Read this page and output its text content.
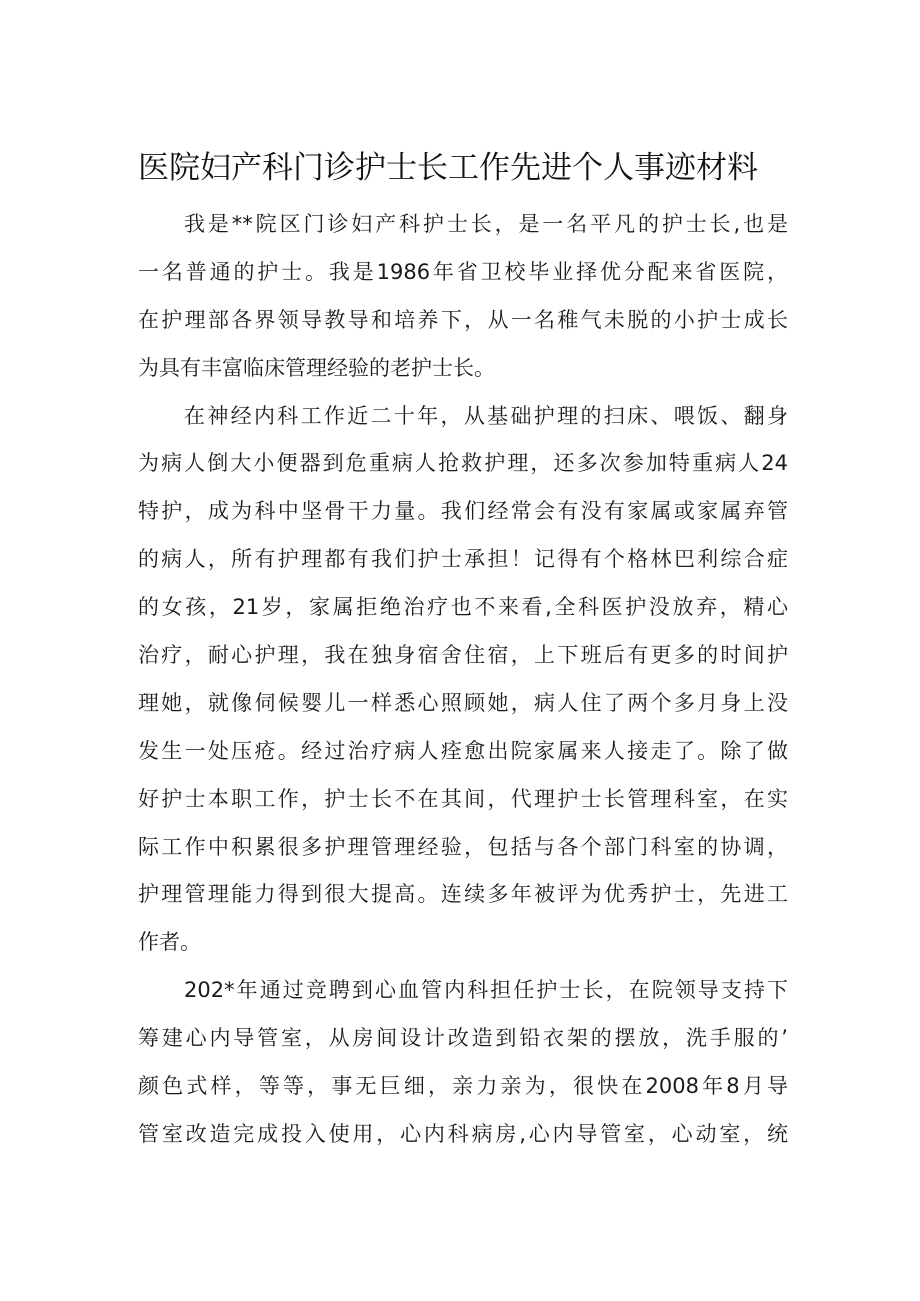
医院妇产科门诊护士长工作先进个人事迹材料
我是**院区门诊妇产科护士长，是一名平凡的护士长,也是
一名普通的护士。我是1986年省卫校毕业择优分配来省医院，
在护理部各界领导教导和培养下，从一名稚气未脱的小护士成长
为具有丰富临床管理经验的老护士长。
在神经内科工作近二十年，从基础护理的扫床、喂饭、翻身
为病人倒大小便器到危重病人抢救护理，还多次参加特重病人24
特护，成为科中坚骨干力量。我们经常会有没有家属或家属弃管
的病人，所有护理都有我们护士承担！记得有个格林巴利综合症
的女孩，21岁，家属拒绝治疗也不来看,全科医护没放弃，精心
治疗，耐心护理，我在独身宿舍住宿，上下班后有更多的时间护
理她，就像伺候婴儿一样悉心照顾她，病人住了两个多月身上没
发生一处压疮。经过治疗病人痊愈出院家属来人接走了。除了做
好护士本职工作，护士长不在其间，代理护士长管理科室，在实
际工作中积累很多护理管理经验，包括与各个部门科室的协调，
护理管理能力得到很大提高。连续多年被评为优秀护士，先进工
作者。
202*年通过竞聘到心血管内科担任护士长，在院领导支持下
筹建心内导管室，从房间设计改造到铅衣架的摆放，洗手服的’
颜色式样，等等，事无巨细，亲力亲为，很快在2008年8月导
管室改造完成投入使用，心内科病房,心内导管室，心动室，统
